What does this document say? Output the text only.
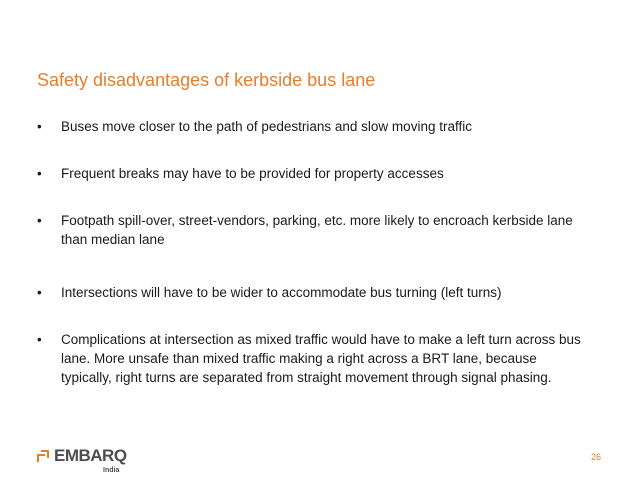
Safety disadvantages of kerbside bus lane
•	Buses move closer to the path of pedestrians and slow moving traffic
•	Frequent breaks may have to be provided for property accesses
•	Footpath spill-over, street-vendors, parking, etc. more likely to encroach kerbside lane than median lane
•	Intersections will have to be wider to accommodate bus turning (left turns)
•	Complications at intersection as mixed traffic would have to make a left turn across bus lane. More unsafe than mixed traffic making a right across a BRT lane, because typically, right turns are separated from straight movement through signal phasing.
EMBARQ
India
26
